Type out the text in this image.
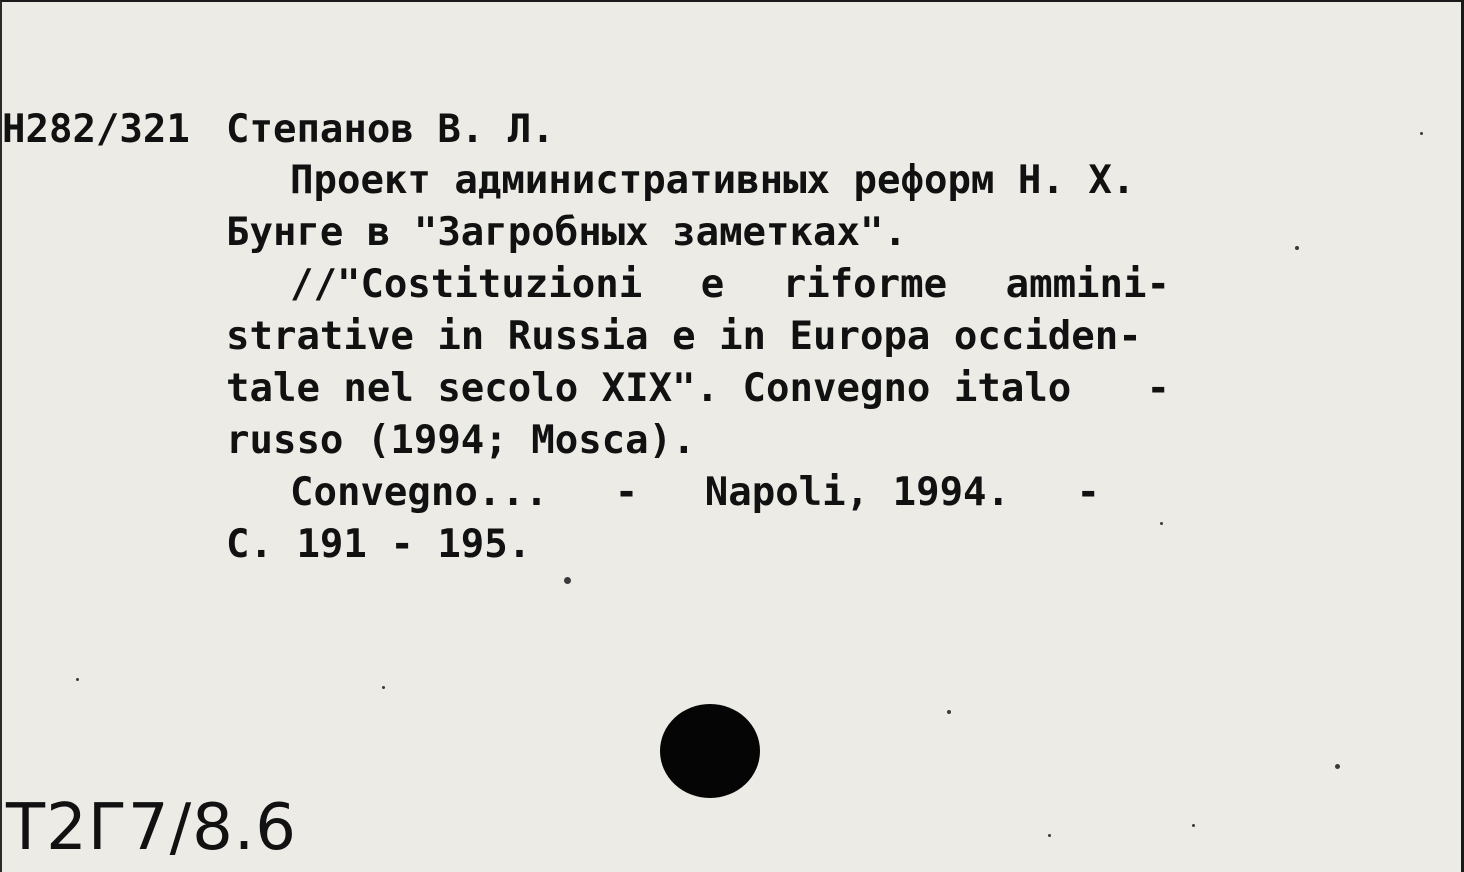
Н282/321 Степанов В. Л.
Проект административных реформ Н. Х.
Бунге в "Загробных заметках".
//"Costituzioni e riforme ammini-
strative in Russia e in Europa occiden-
tale nel secolo XIX". Convegno italo -
russo (1994; Mosca).
Convegno... - Napoli, 1994. -
С. 191 - 195.
Т2Г7/8.6
